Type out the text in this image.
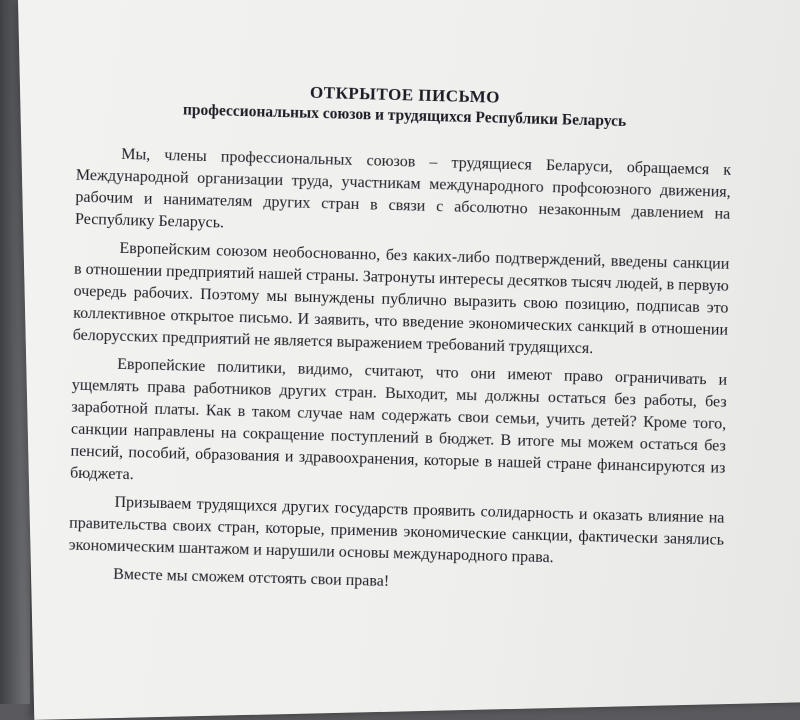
ОТКРЫТОЕ ПИСЬМО
профессиональных союзов и трудящихся Республики Беларусь

Мы, члены профессиональных союзов – трудящиеся Беларуси, обращаемся к Международной организации труда, участникам международного профсоюзного движения, рабочим и нанимателям других стран в связи с абсолютно незаконным давлением на Республику Беларусь.

Европейским союзом необоснованно, без каких-либо подтверждений, введены санкции в отношении предприятий нашей страны. Затронуты интересы десятков тысяч людей, в первую очередь рабочих. Поэтому мы вынуждены публично выразить свою позицию, подписав это коллективное открытое письмо. И заявить, что введение экономических санкций в отношении белорусских предприятий не является выражением требований трудящихся.

Европейские политики, видимо, считают, что они имеют право ограничивать и ущемлять права работников других стран. Выходит, мы должны остаться без работы, без заработной платы. Как в таком случае нам содержать свои семьи, учить детей? Кроме того, санкции направлены на сокращение поступлений в бюджет. В итоге мы можем остаться без пенсий, пособий, образования и здравоохранения, которые в нашей стране финансируются из бюджета.

Призываем трудящихся других государств проявить солидарность и оказать влияние на правительства своих стран, которые, применив экономические санкции, фактически занялись экономическим шантажом и нарушили основы международного права.

Вместе мы сможем отстоять свои права!
